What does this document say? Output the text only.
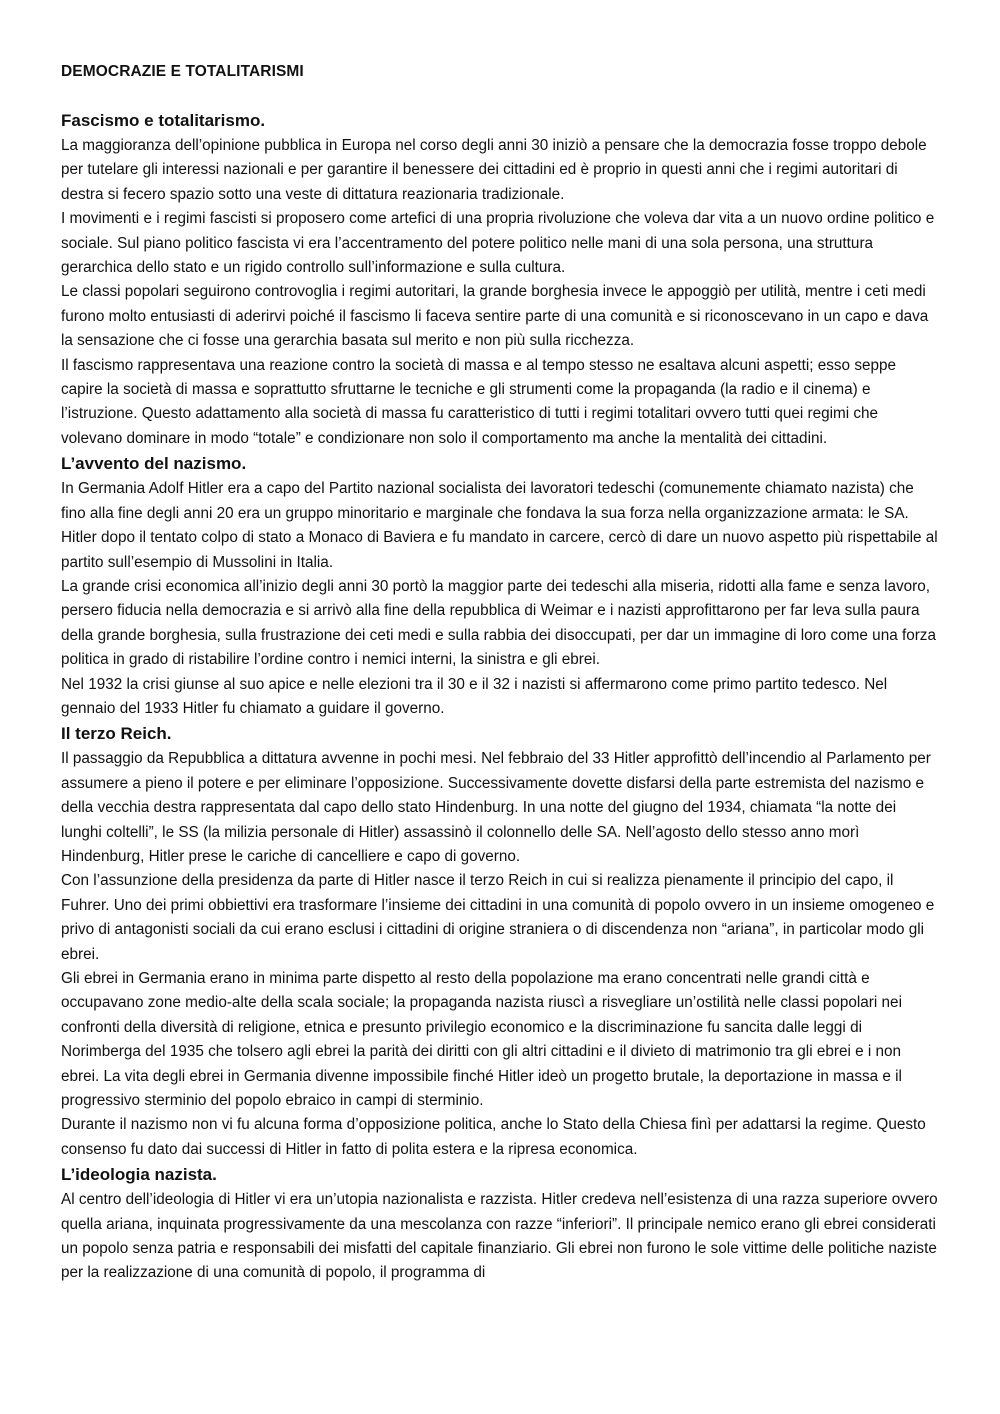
DEMOCRAZIE E TOTALITARISMI
Fascismo e totalitarismo.

La maggioranza dell’opinione pubblica in Europa nel corso degli anni 30 iniziò a pensare che la democrazia fosse troppo debole per tutelare gli interessi nazionali e per garantire il benessere dei cittadini ed è proprio in questi anni che i regimi autoritari di destra si fecero spazio sotto una veste di dittatura reazionaria tradizionale.

I movimenti e i regimi fascisti si proposero come artefici di una propria rivoluzione che voleva dar vita a un nuovo ordine politico e sociale. Sul piano politico fascista vi era l’accentramento del potere politico nelle mani di una sola persona, una struttura gerarchica dello stato e un rigido controllo sull’informazione e sulla cultura.

Le classi popolari seguirono controvoglia i regimi autoritari, la grande borghesia invece le appoggiò per utilità, mentre i ceti medi furono molto entusiasti di aderirvi poiché il fascismo li faceva sentire parte di una comunità e si riconoscevano in un capo e dava la sensazione che ci fosse una gerarchia basata sul merito e non più sulla ricchezza.

Il fascismo rappresentava una reazione contro la società di massa e al tempo stesso ne esaltava alcuni aspetti; esso seppe capire la società di massa e soprattutto sfruttarne le tecniche e gli strumenti come la propaganda (la radio e il cinema) e l’istruzione. Questo adattamento alla società di massa fu caratteristico di tutti i regimi totalitari ovvero tutti quei regimi che volevano dominare in modo “totale” e condizionare non solo il comportamento ma anche la mentalità dei cittadini.

L’avvento del nazismo.

In Germania Adolf Hitler era a capo del Partito nazional socialista dei lavoratori tedeschi (comunemente chiamato nazista) che fino alla fine degli anni 20 era un gruppo minoritario e marginale che fondava la sua forza nella organizzazione armata: le SA. Hitler dopo il tentato colpo di stato a Monaco di Baviera e fu mandato in carcere, cercò di dare un nuovo aspetto più rispettabile al partito sull’esempio di Mussolini in Italia.

La grande crisi economica all’inizio degli anni 30 portò la maggior parte dei tedeschi alla miseria, ridotti alla fame e senza lavoro, persero fiducia nella democrazia e si arrivò alla fine della repubblica di Weimar e i nazisti approfittarono per far leva sulla paura della grande borghesia, sulla frustrazione dei ceti medi e sulla rabbia dei disoccupati, per dar un immagine di loro come una forza politica in grado di ristabilire l’ordine contro i nemici interni, la sinistra e gli ebrei.

Nel 1932 la crisi giunse al suo apice e nelle elezioni tra il 30 e il 32 i nazisti si affermarono come primo partito tedesco. Nel gennaio del 1933 Hitler fu chiamato a guidare il governo.

Il terzo Reich.

Il passaggio da Repubblica a dittatura avvenne in pochi mesi. Nel febbraio del 33 Hitler approfittò dell’incendio al Parlamento per assumere a pieno il potere e per eliminare l’opposizione. Successivamente dovette disfarsi della parte estremista del nazismo e della vecchia destra rappresentata dal capo dello stato Hindenburg. In una notte del giugno del 1934, chiamata “la notte dei lunghi coltelli”, le SS (la milizia personale di Hitler) assassinò il colonnello delle SA. Nell’agosto dello stesso anno morì Hindenburg, Hitler prese le cariche di cancelliere e capo di governo.

Con l’assunzione della presidenza da parte di Hitler nasce il terzo Reich in cui si realizza pienamente il principio del capo, il Fuhrer. Uno dei primi obbiettivi era trasformare l’insieme dei cittadini in una comunità di popolo ovvero in un insieme omogeneo e privo di antagonisti sociali da cui erano esclusi i cittadini di origine straniera o di discendenza non “ariana”, in particolar modo gli ebrei.

Gli ebrei in Germania erano in minima parte dispetto al resto della popolazione ma erano concentrati nelle grandi città e occupavano zone medio-alte della scala sociale; la propaganda nazista riuscì a risvegliare un’ostilità nelle classi popolari nei confronti della diversità di religione, etnica e presunto privilegio economico e la discriminazione fu sancita dalle leggi di Norimberga del 1935 che tolsero agli ebrei la parità dei diritti con gli altri cittadini e il divieto di matrimonio tra gli ebrei e i non ebrei. La vita degli ebrei in Germania divenne impossibile finché Hitler ideò un progetto brutale, la deportazione in massa e il progressivo sterminio del popolo ebraico in campi di sterminio.

Durante il nazismo non vi fu alcuna forma d’opposizione politica, anche lo Stato della Chiesa finì per adattarsi la regime. Questo consenso fu dato dai successi di Hitler in fatto di polita estera e la ripresa economica.

L’ideologia nazista.

Al centro dell’ideologia di Hitler vi era un’utopia nazionalista e razzista. Hitler credeva nell’esistenza di una razza superiore ovvero quella ariana, inquinata progressivamente da una mescolanza con razze “inferiori”. Il principale nemico erano gli ebrei considerati un popolo senza patria e responsabili dei misfatti del capitale finanziario. Gli ebrei non furono le sole vittime delle politiche naziste per la realizzazione di una comunità di popolo, il programma di
